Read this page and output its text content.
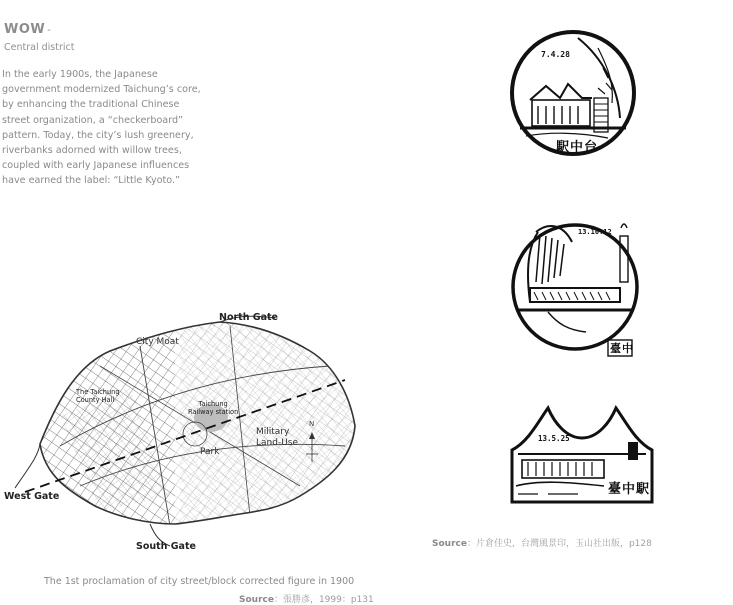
WOW -
Central district
In the early 1900s, the Japanese
government modernized Taichung’s core,
by enhancing the traditional Chinese
street organization, a “checkerboard”
pattern. Today, the city’s lush greenery,
riverbanks adorned with willow trees,
coupled with early Japanese influences
have earned the label: “Little Kyoto.”
North Gate
City Moat
The Taichung
County Hall	Taichung
Railway station
Military
Land-Use
Park
N
West Gate
South Gate
The 1st proclamation of city street/block corrected figure in 1900
Source：張勝彥，1999：p131
7.4.28
駅中台
13.10.12
臺中
13.5.25
臺中駅
Source：片倉佳史，台灣風景印，玉山社出版，p128
